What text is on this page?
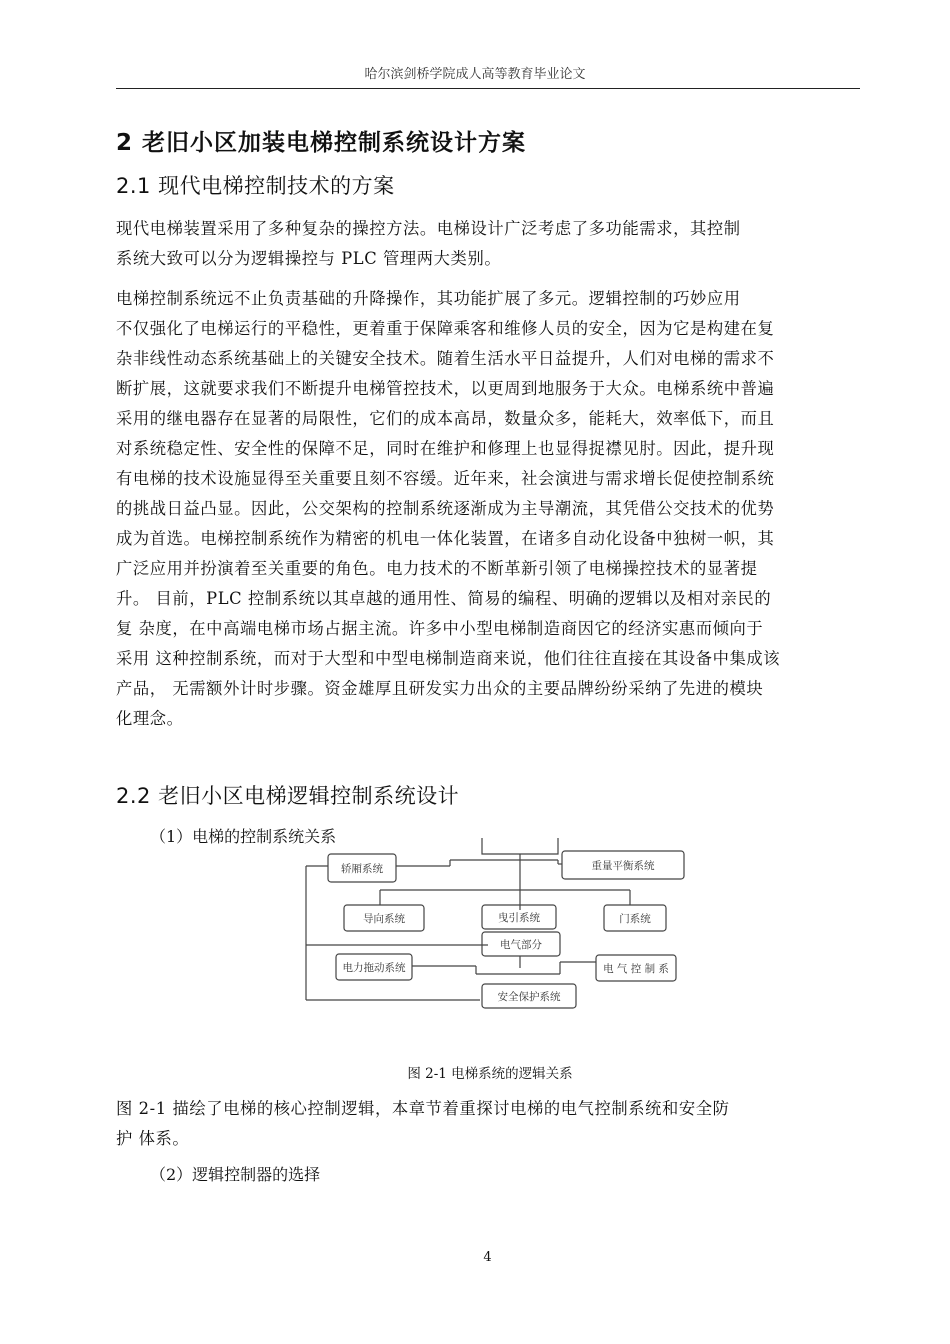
哈尔滨剑桥学院成人高等教育毕业论文
2 老旧小区加装电梯控制系统设计方案
2.1 现代电梯控制技术的方案
现代电梯装置采用了多种复杂的操控方法。电梯设计广泛考虑了多功能需求，其控制
系统大致可以分为逻辑操控与 PLC 管理两大类别。
电梯控制系统远不止负责基础的升降操作，其功能扩展了多元。逻辑控制的巧妙应用
不仅强化了电梯运行的平稳性，更着重于保障乘客和维修人员的安全，因为它是构建在复
杂非线性动态系统基础上的关键安全技术。随着生活水平日益提升，人们对电梯的需求不
断扩展，这就要求我们不断提升电梯管控技术，以更周到地服务于大众。电梯系统中普遍
采用的继电器存在显著的局限性，它们的成本高昂，数量众多，能耗大，效率低下，而且
对系统稳定性、安全性的保障不足，同时在维护和修理上也显得捉襟见肘。因此，提升现
有电梯的技术设施显得至关重要且刻不容缓。近年来，社会演进与需求增长促使控制系统
的挑战日益凸显。因此，公交架构的控制系统逐渐成为主导潮流，其凭借公交技术的优势
成为首选。电梯控制系统作为精密的机电一体化装置，在诸多自动化设备中独树一帜，其
广泛应用并扮演着至关重要的角色。电力技术的不断革新引领了电梯操控技术的显著提
升。 目前，PLC 控制系统以其卓越的通用性、简易的编程、明确的逻辑以及相对亲民的
复 杂度，在中高端电梯市场占据主流。许多中小型电梯制造商因它的经济实惠而倾向于
采用 这种控制系统，而对于大型和中型电梯制造商来说，他们往往直接在其设备中集成该
产品， 无需额外计时步骤。资金雄厚且研发实力出众的主要品牌纷纷采纳了先进的模块
化理念。
2.2 老旧小区电梯逻辑控制系统设计
（1）电梯的控制系统关系
轿厢系统	重量平衡系统
导向系统	曳引系统	门系统
电气部分
电力拖动系统	电 气 控 制 系
安全保护系统
图 2-1 电梯系统的逻辑关系
图 2-1 描绘了电梯的核心控制逻辑，本章节着重探讨电梯的电气控制系统和安全防
护 体系。
（2）逻辑控制器的选择
4
